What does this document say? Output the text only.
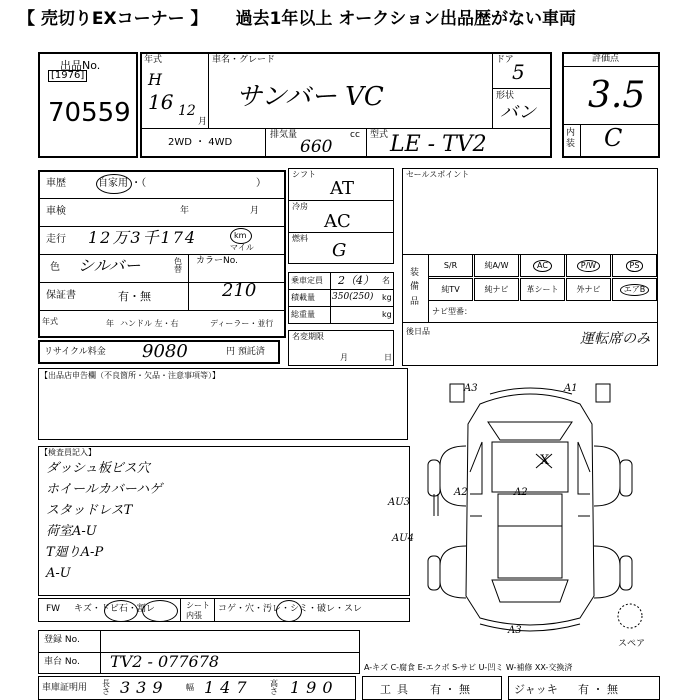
【 売切りEXコーナー 】 過去1年以上 オークション出品歴がない車両
出品No.
[1976]
70559
年式
H
16 12
月
車名・グレード
サンバー VC
ドア
5
形状
バン
2WD ・ 4WD
排気量	cc
660
型式 LE - TV2
評価点
3.5
内装 C
車歴	自家用 ・（	）
車検	年	月
走行 12万3千174	km
マイル
色 シルバー	色替
カラーNo.
210
保証書	有・無
年式	年 ハンドル 左・右	ディーラー・並行
リサイクル料金 9080	円 預託済
シフト
AT
冷房
AC
燃料
G
乗車定員 2（4） 名
積載量 350(250) kg
総重量	kg
名変期限
月	日
セールスポイント
装備品
S/R	純A/W	AC	P/W	PS
純TV	純ナビ 革シート 外ナビ	エアB
ナビ型番：
後日品	運転席のみ
【出品店申告欄（不良箇所・欠品・注意事項等）】
【検査員記入】
ダッシュ板ビス穴
ホイールカバーハゲ
スタッドレスT
荷室A-U
T廻りA-P
A-U
A3	A1
A2	A2
AU3
AU4
A3
X
スペア
FW キズ・ドビ石・割レ	シート内張
コゲ・穴・汚レ・シミ・破レ・スレ
登録 No.
車台 No. TV2 - 077678	A-キズ C-腐食 E-エクボ S-サビ U-凹ミ W-補修 XX-交換済
車庫証明用 長さ 339 幅 147 高さ 190	工具 有 ・ 無	ジャッキ 有 ・ 無
